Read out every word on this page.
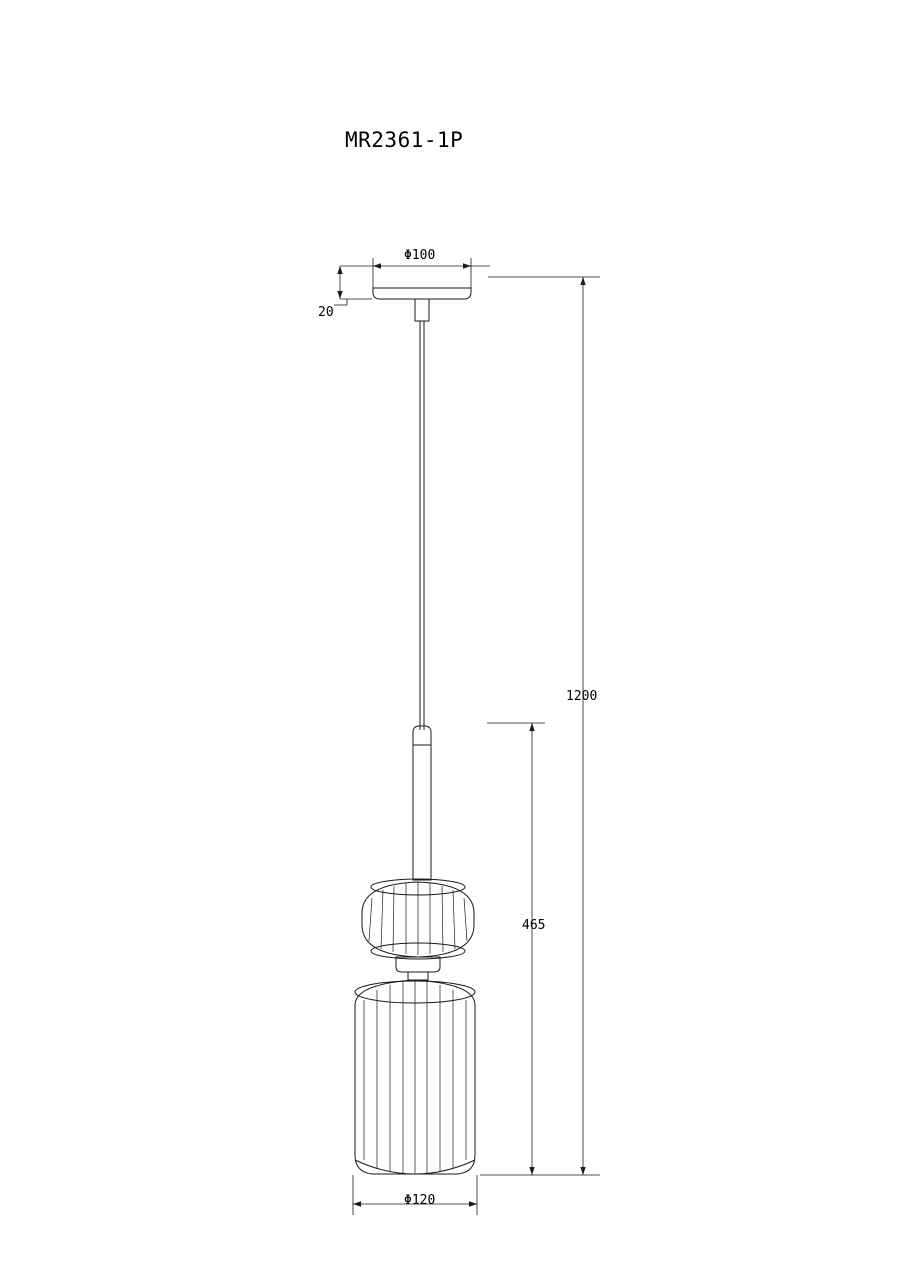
MR2361-1P
Φ100
20
1200
465
Φ120
